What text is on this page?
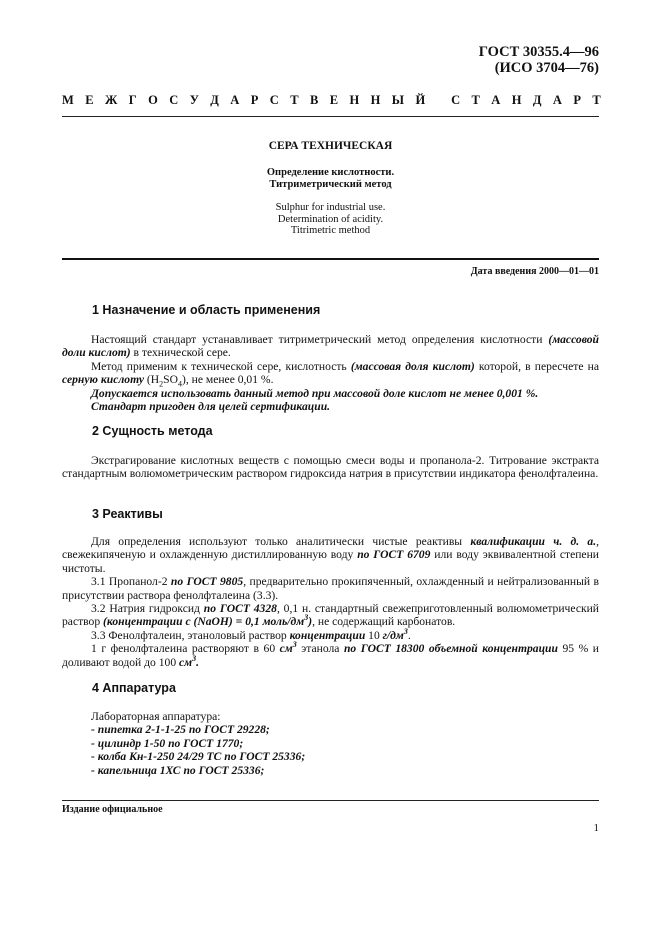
ГОСТ 30355.4—96
(ИСО 3704—76)
М Е Ж Г О С У Д А Р С Т В Е Н Н Ы Й
С Т А Н Д А Р Т
СЕРА ТЕХНИЧЕСКАЯ
Определение кислотности.
Титриметрический метод
Sulphur for industrial use.
Determination of acidity.
Titrimetric method
Дата введения 2000—01—01
1 Назначение и область применения

Настоящий стандарт устанавливает титриметрический метод определения кислотности (массовой доли кислот) в технической сере.

Метод применим к технической сере, кислотность (массовая доля кислот) которой, в пересчете на серную кислоту $(H_2SO_4)$, не менее 0,01 %.

Допускается использовать данный метод при массовой доле кислот не менее 0,001 %.

Стандарт пригоден для целей сертификации.

2 Сущность метода

Экстрагирование кислотных веществ с помощью смеси воды и пропанола-2. Титрование экстракта стандартным волюмометрическим раствором гидроксида натрия в присутствии индикатора фенолфталеина.

3 Реактивы

Для определения используют только аналитически чистые реактивы квалификации ч. д. а., свежекипяченую и охлажденную дистиллированную воду по ГОСТ 6709 или воду эквивалентной степени чистоты.

3.1 Пропанол-2 по ГОСТ 9805, предварительно прокипяченный, охлажденный и нейтрализованный в присутствии раствора фенолфталеина (3.3).

3.2 Натрия гидроксид по ГОСТ 4328, 0,1 н. стандартный свежеприготовленный волюмометрический раствор (концентрации с (NaOH) = 0,1 моль/$дм^3$), не содержащий карбонатов.

3.3 Фенолфталеин, этаноловый раствор концентрации 10 $г/дм^3$.

1 г фенолфталеина растворяют в 60 $см^3$ этанола по ГОСТ 18300 объемной концентрации 95 % и доливают водой до 100 $см^3$.

4 Аппаратура
Лабораторная аппаратура:
- пипетка 2-1-1-25 по ГОСТ 29228;
- цилиндр 1-50 по ГОСТ 1770;
- колба Кн-1-250 24/29 ТС по ГОСТ 25336;
- капельница 1ХС по ГОСТ 25336;
Издание официальное
1
